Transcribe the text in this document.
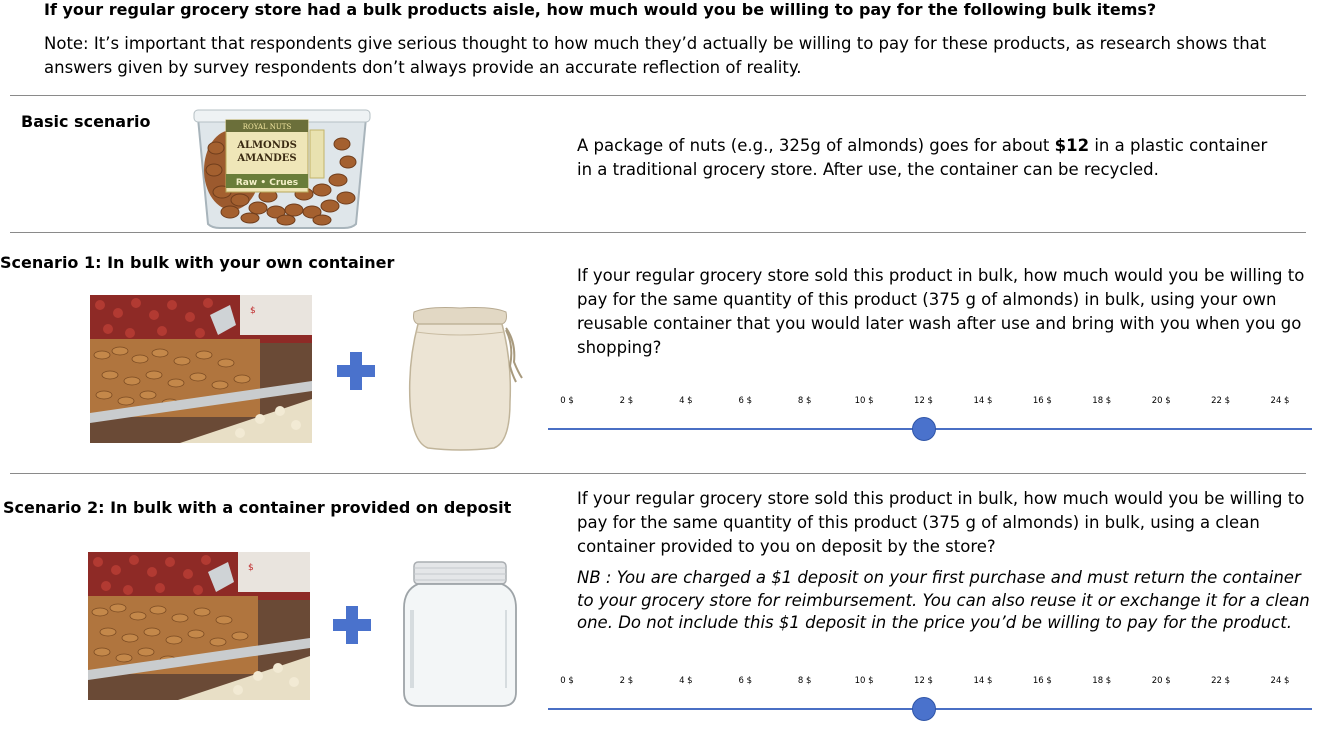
If your regular grocery store had a bulk products aisle, how much would you be willing to pay for the following bulk items?
Note: It’s important that respondents give serious thought to how much they’d actually be willing to pay for these products, as research shows that answers given by survey respondents don’t always provide an accurate reflection of reality.
Basic scenario	ROYAL NUTS
ALMONDS
AMANDES
Raw • Crues
A package of nuts (e.g., 325g of almonds) goes for about $12 in a plastic container in a traditional grocery store. After use, the container can be recycled.
Scenario 1: In bulk with your own container
$
If your regular grocery store sold this product in bulk, how much would you be willing to pay for the same quantity of this product (375 g of almonds) in bulk, using your own reusable container that you would later wash after use and bring with you when you go shopping?
0 $	2 $	4 $	6 $	8 $	10 $	12 $	14 $	16 $	18 $	20 $	22 $	24 $
Scenario 2: In bulk with a container provided on deposit
$
If your regular grocery store sold this product in bulk, how much would you be willing to pay for the same quantity of this product (375 g of almonds) in bulk, using a clean container provided to you on deposit by the store?
NB : You are charged a $1 deposit on your first purchase and must return the container to your grocery store for reimbursement. You can also reuse it or exchange it for a clean one. Do not include this $1 deposit in the price you’d be willing to pay for the product.
0 $	2 $	4 $	6 $	8 $	10 $	12 $	14 $	16 $	18 $	20 $	22 $	24 $
